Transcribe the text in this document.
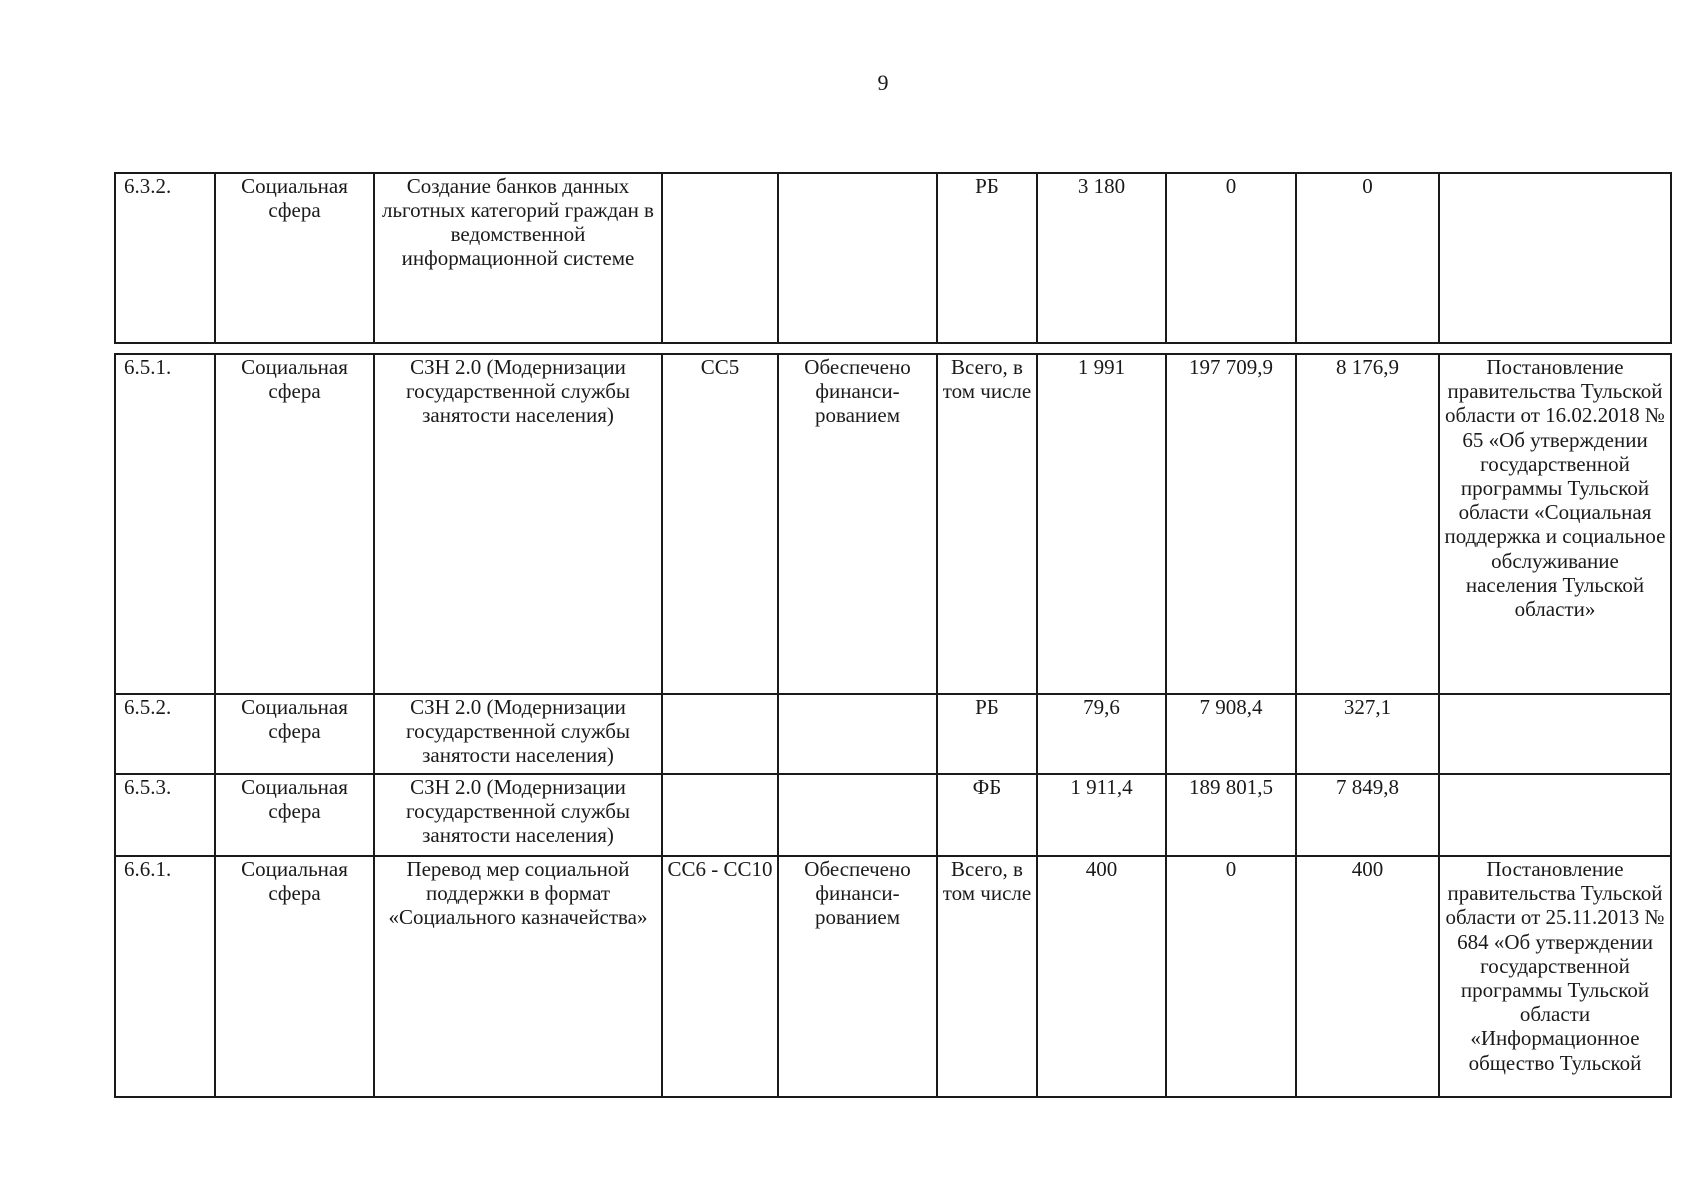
9
6.3.2.	Социальная сфера	Создание банков данных льготных категорий граждан в ведомственной информационной системе			РБ	3 180	0	0	
6.5.1.	Социальная сфера	СЗН 2.0 (Модернизации государственной службы занятости населения)	СС5	Обеспечено финанси-рованием	Всего, в том числе	1 991	197 709,9	8 176,9	Постановление правительства Тульской области от 16.02.2018 № 65 «Об утверждении государственной программы Тульской области «Социальная поддержка и социальное обслуживание населения Тульской области»
6.5.2.	Социальная сфера	СЗН 2.0 (Модернизации государственной службы занятости населения)			РБ	79,6	7 908,4	327,1	
6.5.3.	Социальная сфера	СЗН 2.0 (Модернизации государственной службы занятости населения)			ФБ	1 911,4	189 801,5	7 849,8	
6.6.1.	Социальная сфера	Перевод мер социальной поддержки в формат «Социального казначейства»	СС6 - СС10	Обеспечено финанси-рованием	Всего, в том числе	400	0	400	Постановление правительства Тульской области от 25.11.2013 № 684 «Об утверждении государственной программы Тульской области «Информационное общество Тульской
